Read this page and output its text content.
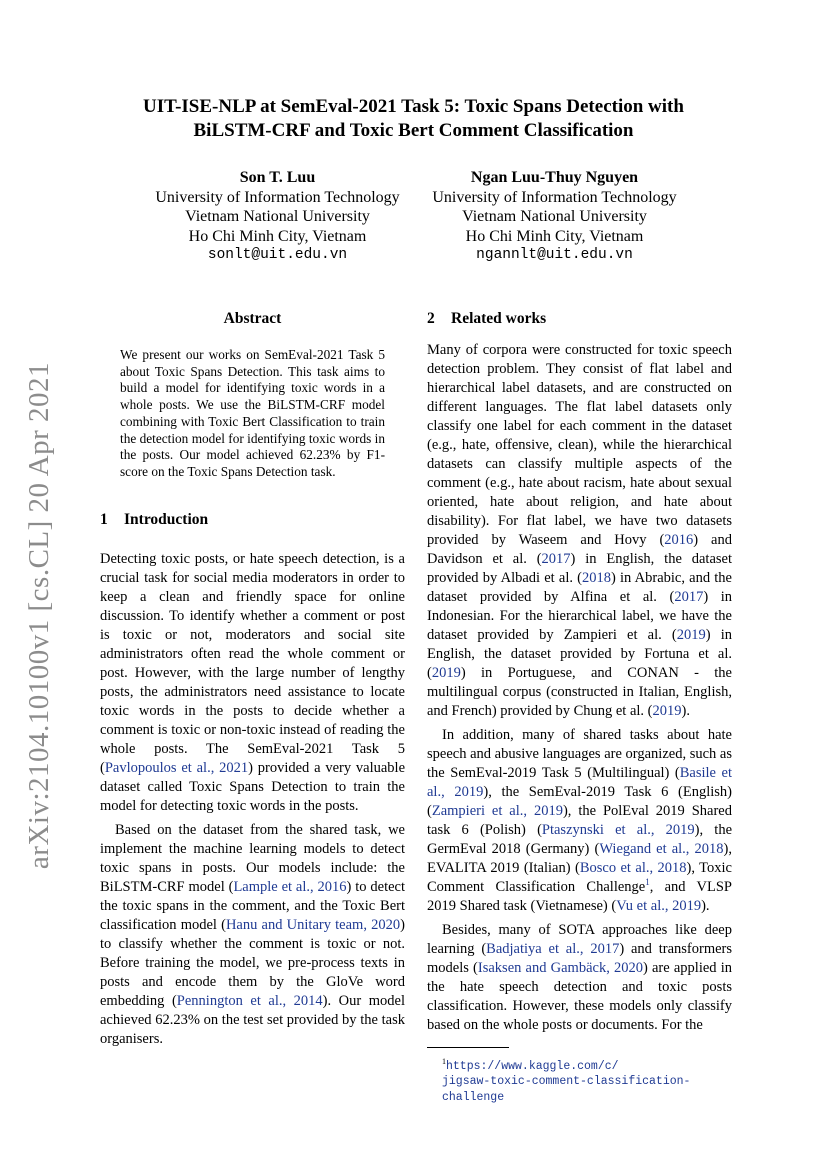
arXiv:2104.10100v1 [cs.CL] 20 Apr 2021
UIT-ISE-NLP at SemEval-2021 Task 5: Toxic Spans Detection with
BiLSTM-CRF and Toxic Bert Comment Classification
Son T. Luu
University of Information Technology
Vietnam National University
Ho Chi Minh City, Vietnam
sonlt@uit.edu.vn
Ngan Luu-Thuy Nguyen
University of Information Technology
Vietnam National University
Ho Chi Minh City, Vietnam
ngannlt@uit.edu.vn
Abstract

We present our works on SemEval-2021 Task 5 about Toxic Spans Detection. This task aims to build a model for identifying toxic words in a whole posts. We use the BiLSTM-CRF model combining with Toxic Bert Classification to train the detection model for identifying toxic words in the posts. Our model achieved 62.23% by F1-score on the Toxic Spans Detection task.

1 Introduction

Detecting toxic posts, or hate speech detection, is a crucial task for social media moderators in order to keep a clean and friendly space for online discussion. To identify whether a comment or post is toxic or not, moderators and social site administrators often read the whole comment or post. However, with the large number of lengthy posts, the administrators need assistance to locate toxic words in the posts to decide whether a comment is toxic or non-toxic instead of reading the whole posts. The SemEval-2021 Task 5 (Pavlopoulos et al., 2021) provided a very valuable dataset called Toxic Spans Detection to train the model for detecting toxic words in the posts.

Based on the dataset from the shared task, we implement the machine learning models to detect toxic spans in posts. Our models include: the BiLSTM-CRF model (Lample et al., 2016) to detect the toxic spans in the comment, and the Toxic Bert classification model (Hanu and Unitary team, 2020) to classify whether the comment is toxic or not. Before training the model, we pre-process texts in posts and encode them by the GloVe word embedding (Pennington et al., 2014). Our model achieved 62.23% on the test set provided by the task organisers.

2 Related works

Many of corpora were constructed for toxic speech detection problem. They consist of flat label and hierarchical label datasets, and are constructed on different languages. The flat label datasets only classify one label for each comment in the dataset (e.g., hate, offensive, clean), while the hierarchical datasets can classify multiple aspects of the comment (e.g., hate about racism, hate about sexual oriented, hate about religion, and hate about disability). For flat label, we have two datasets provided by Waseem and Hovy (2016) and Davidson et al. (2017) in English, the dataset provided by Albadi et al. (2018) in Abrabic, and the dataset provided by Alfina et al. (2017) in Indonesian. For the hierarchical label, we have the dataset provided by Zampieri et al. (2019) in English, the dataset provided by Fortuna et al. (2019) in Portuguese, and CONAN - the multilingual corpus (constructed in Italian, English, and French) provided by Chung et al. (2019).

In addition, many of shared tasks about hate speech and abusive languages are organized, such as the SemEval-2019 Task 5 (Multilingual) (Basile et al., 2019), the SemEval-2019 Task 6 (English) (Zampieri et al., 2019), the PolEval 2019 Shared task 6 (Polish) (Ptaszynski et al., 2019), the GermEval 2018 (Germany) (Wiegand et al., 2018), EVALITA 2019 (Italian) (Bosco et al., 2018), Toxic Comment Classification Challenge$^1$, and VLSP 2019 Shared task (Vietnamese) (Vu et al., 2019).

Besides, many of SOTA approaches like deep learning (Badjatiya et al., 2017) and transformers models (Isaksen and Gambäck, 2020) are applied in the hate speech detection and toxic posts classification. However, these models only classify based on the whole posts or documents. For the

$^1$https://www.kaggle.com/c/
jigsaw-toxic-comment-classification-challenge
